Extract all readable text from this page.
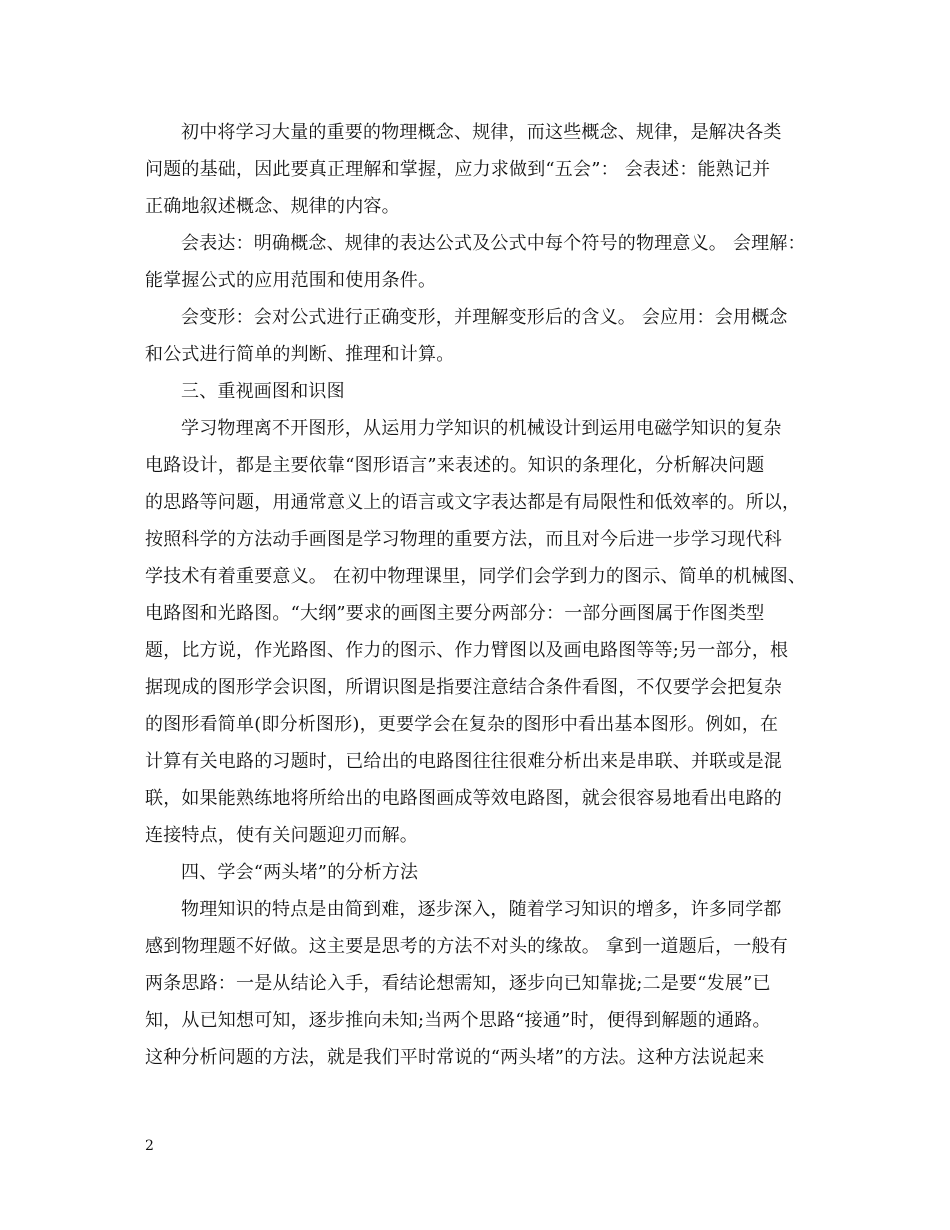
初中将学习大量的重要的物理概念、规律，而这些概念、规律，是解决各类
问题的基础，因此要真正理解和掌握，应力求做到“五会”： 会表述：能熟记并
正确地叙述概念、规律的内容。
会表达：明确概念、规律的表达公式及公式中每个符号的物理意义。 会理解：
能掌握公式的应用范围和使用条件。
会变形：会对公式进行正确变形，并理解变形后的含义。 会应用：会用概念
和公式进行简单的判断、推理和计算。
三、重视画图和识图
学习物理离不开图形，从运用力学知识的机械设计到运用电磁学知识的复杂
电路设计，都是主要依靠“图形语言”来表述的。知识的条理化，分析解决问题
的思路等问题，用通常意义上的语言或文字表达都是有局限性和低效率的。所以，
按照科学的方法动手画图是学习物理的重要方法，而且对今后进一步学习现代科
学技术有着重要意义。 在初中物理课里，同学们会学到力的图示、简单的机械图、
电路图和光路图。“大纲”要求的画图主要分两部分：一部分画图属于作图类型
题，比方说，作光路图、作力的图示、作力臂图以及画电路图等等;另一部分，根
据现成的图形学会识图，所谓识图是指要注意结合条件看图，不仅要学会把复杂
的图形看简单(即分析图形)，更要学会在复杂的图形中看出基本图形。例如，在
计算有关电路的习题时，已给出的电路图往往很难分析出来是串联、并联或是混
联，如果能熟练地将所给出的电路图画成等效电路图，就会很容易地看出电路的
连接特点，使有关问题迎刃而解。
四、学会“两头堵”的分析方法
物理知识的特点是由简到难，逐步深入，随着学习知识的增多，许多同学都
感到物理题不好做。这主要是思考的方法不对头的缘故。 拿到一道题后，一般有
两条思路：一是从结论入手，看结论想需知，逐步向已知靠拢;二是要“发展”已
知，从已知想可知，逐步推向未知;当两个思路“接通”时，便得到解题的通路。
这种分析问题的方法，就是我们平时常说的“两头堵”的方法。这种方法说起来
2
